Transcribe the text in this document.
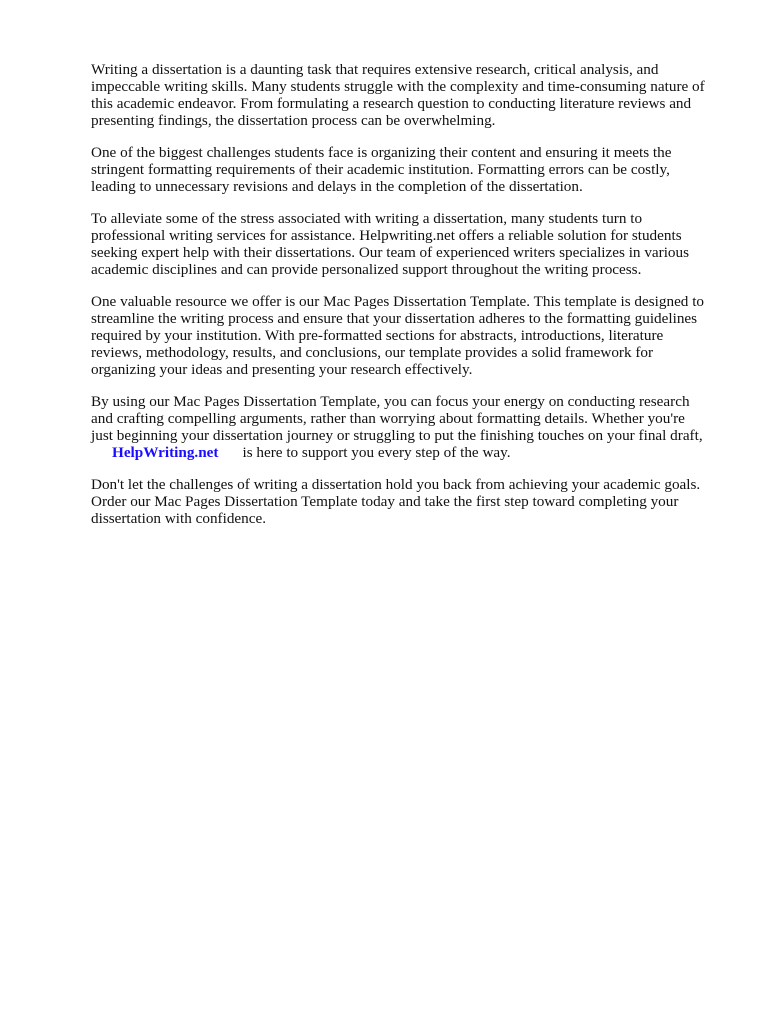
Writing a dissertation is a daunting task that requires extensive research, critical analysis, and
impeccable writing skills. Many students struggle with the complexity and time-consuming nature of
this academic endeavor. From formulating a research question to conducting literature reviews and
presenting findings, the dissertation process can be overwhelming.

One of the biggest challenges students face is organizing their content and ensuring it meets the
stringent formatting requirements of their academic institution. Formatting errors can be costly,
leading to unnecessary revisions and delays in the completion of the dissertation.

To alleviate some of the stress associated with writing a dissertation, many students turn to
professional writing services for assistance. Helpwriting.net offers a reliable solution for students
seeking expert help with their dissertations. Our team of experienced writers specializes in various
academic disciplines and can provide personalized support throughout the writing process.

One valuable resource we offer is our Mac Pages Dissertation Template. This template is designed to
streamline the writing process and ensure that your dissertation adheres to the formatting guidelines
required by your institution. With pre-formatted sections for abstracts, introductions, literature
reviews, methodology, results, and conclusions, our template provides a solid framework for
organizing your ideas and presenting your research effectively.

By using our Mac Pages Dissertation Template, you can focus your energy on conducting research
and crafting compelling arguments, rather than worrying about formatting details. Whether you're
just beginning your dissertation journey or struggling to put the finishing touches on your final draft,
HelpWriting.net is here to support you every step of the way.

Don't let the challenges of writing a dissertation hold you back from achieving your academic goals.
Order our Mac Pages Dissertation Template today and take the first step toward completing your
dissertation with confidence.
